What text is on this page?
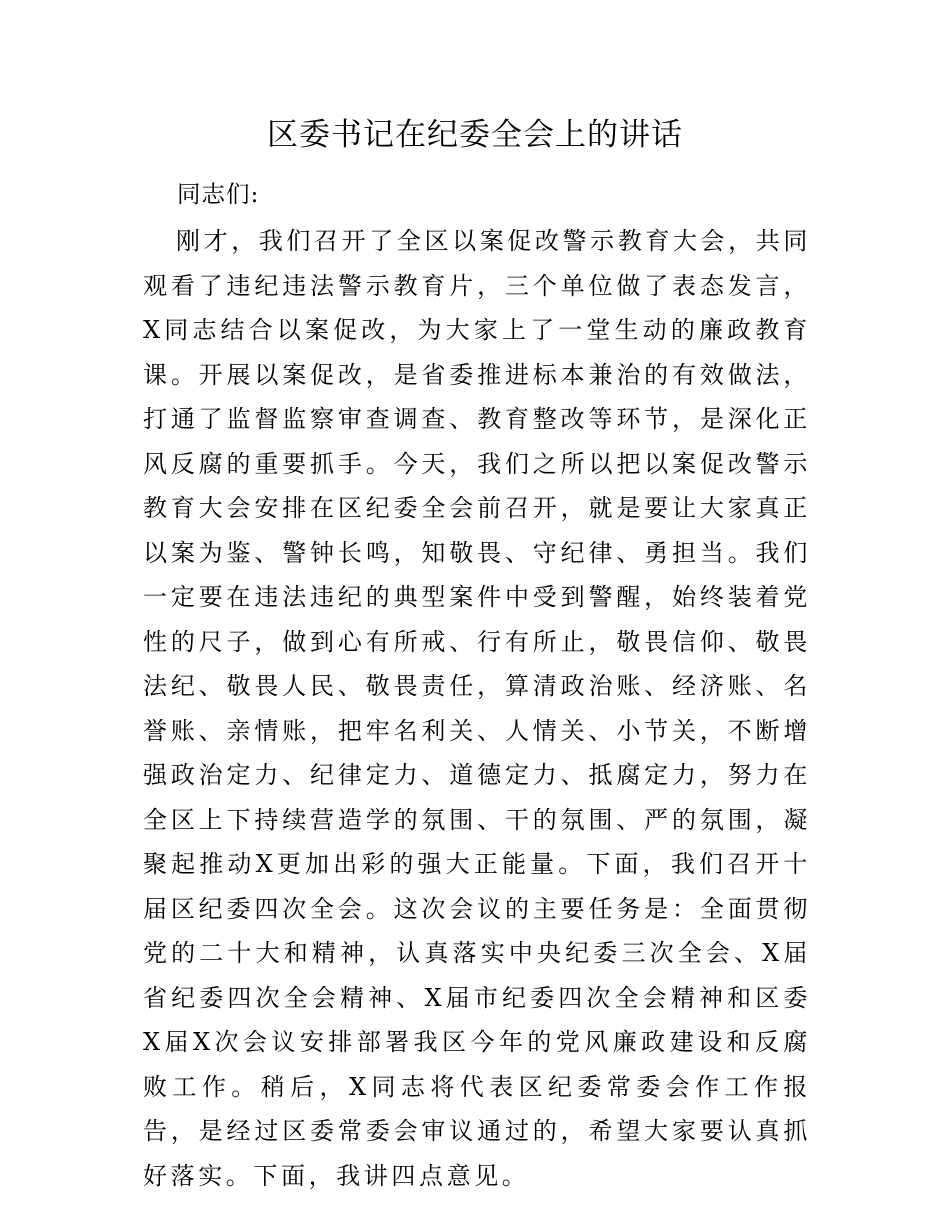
区委书记在纪委全会上的讲话

同志们:

刚才，我们召开了全区以案促改警示教育大会，共同观看了违纪违法警示教育片，三个单位做了表态发言，X同志结合以案促改，为大家上了一堂生动的廉政教育课。开展以案促改，是省委推进标本兼治的有效做法，打通了监督监察审查调查、教育整改等环节，是深化正风反腐的重要抓手。今天，我们之所以把以案促改警示教育大会安排在区纪委全会前召开，就是要让大家真正以案为鉴、警钟长鸣，知敬畏、守纪律、勇担当。我们一定要在违法违纪的典型案件中受到警醒，始终装着党性的尺子，做到心有所戒、行有所止，敬畏信仰、敬畏法纪、敬畏人民、敬畏责任，算清政治账、经济账、名誉账、亲情账，把牢名利关、人情关、小节关，不断增强政治定力、纪律定力、道德定力、抵腐定力，努力在全区上下持续营造学的氛围、干的氛围、严的氛围，凝聚起推动X更加出彩的强大正能量。下面，我们召开十届区纪委四次全会。这次会议的主要任务是：全面贯彻党的二十大和精神，认真落实中央纪委三次全会、X届省纪委四次全会精神、X届市纪委四次全会精神和区委X届X次会议安排部署我区今年的党风廉政建设和反腐败工作。稍后，X同志将代表区纪委常委会作工作报告，是经过区委常委会审议通过的，希望大家要认真抓好落实。下面，我讲四点意见。
